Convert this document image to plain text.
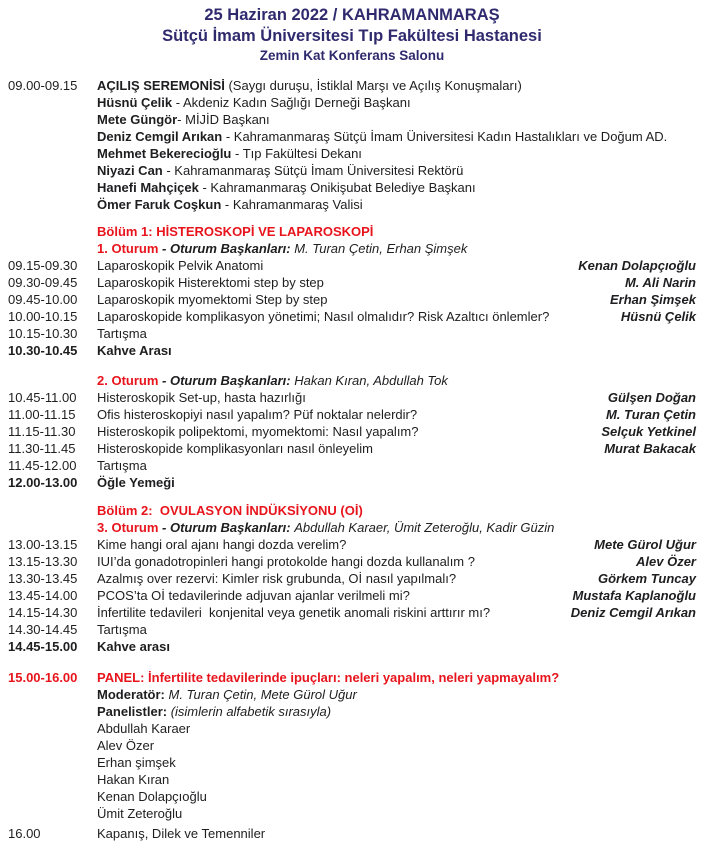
25 Haziran 2022 / KAHRAMANMARAŞ
Sütçü İmam Üniversitesi Tıp Fakültesi Hastanesi
Zemin Kat Konferans Salonu
09.00-09.15	AÇILIŞ SEREMONİSİ (Saygı duruşu, İstiklal Marşı ve Açılış Konuşmaları)
Hüsnü Çelik - Akdeniz Kadın Sağlığı Derneği Başkanı
Mete Güngör- MİJİD Başkanı
Deniz Cemgil Arıkan - Kahramanmaraş Sütçü İmam Üniversitesi Kadın Hastalıkları ve Doğum AD.
Mehmet Bekerecioğlu - Tıp Fakültesi Dekanı
Niyazi Can - Kahramanmaraş Sütçü İmam Üniversitesi Rektörü
Hanefi Mahçiçek - Kahramanmaraş Onikişubat Belediye Başkanı
Ömer Faruk Coşkun - Kahramanmaraş Valisi
Bölüm 1: HİSTEROSKOPİ VE LAPAROSKOPİ
1. Oturum - Oturum Başkanları: M. Turan Çetin, Erhan Şimşek
09.15-09.30	Laparoskopik Pelvik Anatomi	Kenan Dolapçıoğlu
09.30-09.45	Laparoskopik Histerektomi step by step	M. Ali Narin
09.45-10.00	Laparoskopik myomektomi Step by step	Erhan Şimşek
10.00-10.15	Laparoskopide komplikasyon yönetimi; Nasıl olmalıdır? Risk Azaltıcı önlemler?	Hüsnü Çelik
10.15-10.30	Tartışma
10.30-10.45	Kahve Arası
2. Oturum - Oturum Başkanları: Hakan Kıran, Abdullah Tok
10.45-11.00	Histeroskopik Set-up, hasta hazırlığı	Gülşen Doğan
11.00-11.15	Ofis histeroskopiyi nasıl yapalım? Püf noktalar nelerdir?	M. Turan Çetin
11.15-11.30	Histeroskopik polipektomi, myomektomi: Nasıl yapalım?	Selçuk Yetkinel
11.30-11.45	Histeroskopide komplikasyonları nasıl önleyelim	Murat Bakacak
11.45-12.00	Tartışma
12.00-13.00	Öğle Yemeği
Bölüm 2:  OVULASYON İNDÜKSİYONU (Oİ)
3. Oturum - Oturum Başkanları: Abdullah Karaer, Ümit Zeteroğlu, Kadir Güzin
13.00-13.15	Kime hangi oral ajanı hangi dozda verelim?	Mete Gürol Uğur
13.15-13.30	IUI’da gonadotropinleri hangi protokolde hangi dozda kullanalım ?	Alev Özer
13.30-13.45	Azalmış over rezervi: Kimler risk grubunda, Oİ nasıl yapılmalı?	Görkem Tuncay
13.45-14.00	PCOS’ta Oİ tedavilerinde adjuvan ajanlar verilmeli mi?	Mustafa Kaplanoğlu
14.15-14.30	İnfertilite tedavileri  konjenital veya genetik anomali riskini arttırır mı?	Deniz Cemgil Arıkan
14.30-14.45	Tartışma
14.45-15.00	Kahve arası
15.00-16.00	PANEL: İnfertilite tedavilerinde ipuçları: neleri yapalım, neleri yapmayalım?
Moderatör: M. Turan Çetin, Mete Gürol Uğur
Panelistler: (isimlerin alfabetik sırasıyla)
Abdullah Karaer
Alev Özer
Erhan şimşek
Hakan Kıran
Kenan Dolapçıoğlu
Ümit Zeteroğlu
16.00	Kapanış, Dilek ve Temenniler
